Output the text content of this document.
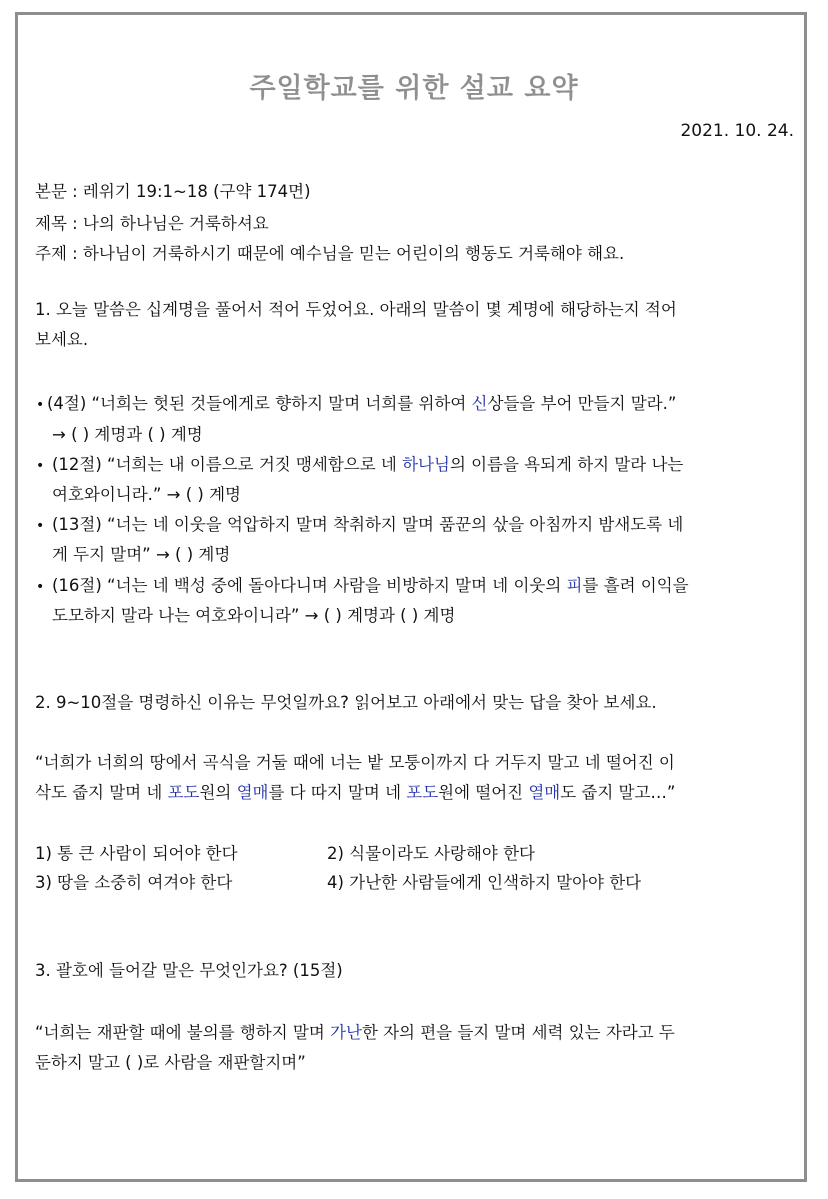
주일학교를 위한 설교 요약
2021. 10. 24.
본문 : 레위기 19:1~18 (구약 174면)
제목 : 나의 하나님은 거룩하셔요
주제 : 하나님이 거룩하시기 때문에 예수님을 믿는 어린이의 행동도 거룩해야 해요.
1. 오늘 말씀은 십계명을 풀어서 적어 두었어요. 아래의 말씀이 몇 계명에 해당하는지 적어
보세요.
• (4절) “너희는 헛된 것들에게로 향하지 말며 너희를 위하여 신상들을 부어 만들지 말라.”
→ ( ) 계명과 ( ) 계명
• (12절) “너희는 내 이름으로 거짓 맹세함으로 네 하나님의 이름을 욕되게 하지 말라 나는
여호와이니라.” → ( ) 계명
• (13절) “너는 네 이웃을 억압하지 말며 착취하지 말며 품꾼의 삯을 아침까지 밤새도록 네
게 두지 말며” → ( ) 계명
• (16절) “너는 네 백성 중에 돌아다니며 사람을 비방하지 말며 네 이웃의 피를 흘려 이익을
도모하지 말라 나는 여호와이니라” → ( ) 계명과 ( ) 계명
2. 9~10절을 명령하신 이유는 무엇일까요? 읽어보고 아래에서 맞는 답을 찾아 보세요.
“너희가 너희의 땅에서 곡식을 거둘 때에 너는 밭 모퉁이까지 다 거두지 말고 네 떨어진 이
삭도 줍지 말며 네 포도원의 열매를 다 따지 말며 네 포도원에 떨어진 열매도 줍지 말고…”
1) 통 큰 사람이 되어야 한다	2) 식물이라도 사랑해야 한다
3) 땅을 소중히 여겨야 한다	4) 가난한 사람들에게 인색하지 말아야 한다
3. 괄호에 들어갈 말은 무엇인가요? (15절)
“너희는 재판할 때에 불의를 행하지 말며 가난한 자의 편을 들지 말며 세력 있는 자라고 두
둔하지 말고 ( )로 사람을 재판할지며”
